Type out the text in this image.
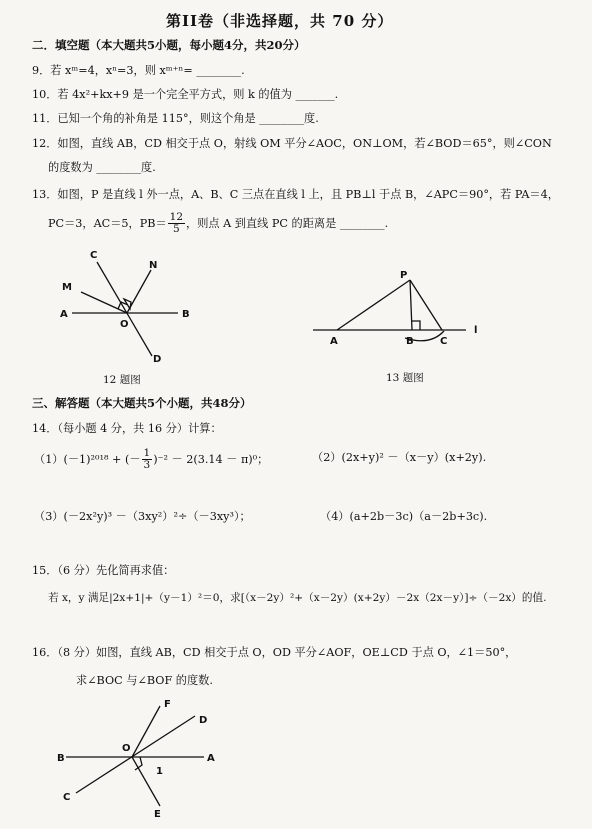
第II卷（非选择题，共 70 分）
二．填空题（本大题共5小题，每小题4分，共20分）
9．若 xᵐ=4，xⁿ=3，则 xᵐ⁺ⁿ= ________.
10．若 4x²+kx+9 是一个完全平方式，则 k 的值为 _______.
11．已知一个角的补角是 115°，则这个角是 ________度.
12．如图，直线 AB，CD 相交于点 O，射线 OM 平分∠AOC，ON⊥OM，若∠BOD＝65°，则∠CON
的度数为 ________度.
13．如图，P 是直线 l 外一点，A、B、C 三点在直线 l 上，且 PB⊥l 于点 B，∠APC＝90°，若 PA＝4，
PC＝3，AC＝5，$PB= \frac{12}{5}$ ，则点 A 到直线 PC 的距离是 ________.
C
N
M
A	B
O
D
P
A	B	C
l
F
D
B
O
A
C
E
1
12 题图	13 题图
三、解答题（本大题共5个小题，共48分）
14．（每小题 4 分，共 16 分）计算：
（1）(－1)²⁰¹⁸ + (－ $\frac{1}{3} )^{-2} - 2(3.14 - \pi)^0$；	（2）(2x+y)² －（x－y）(x+2y).
（3）(－2x²y)³ －（3xy²）²÷（－3xy³）；	（4）(a+2b－3c)（a－2b+3c).
15．（6 分）先化简再求值：
若 x，y 满足|2x+1|+（y－1）²＝0，求[（x－2y）²+（x－2y）(x+2y）－2x（2x－y）]÷（－2x）的值.
16．（8 分）如图，直线 AB，CD 相交于点 O，OD 平分∠AOF，OE⊥CD 于点 O，∠1＝50°，
求∠BOC 与∠BOF 的度数.
